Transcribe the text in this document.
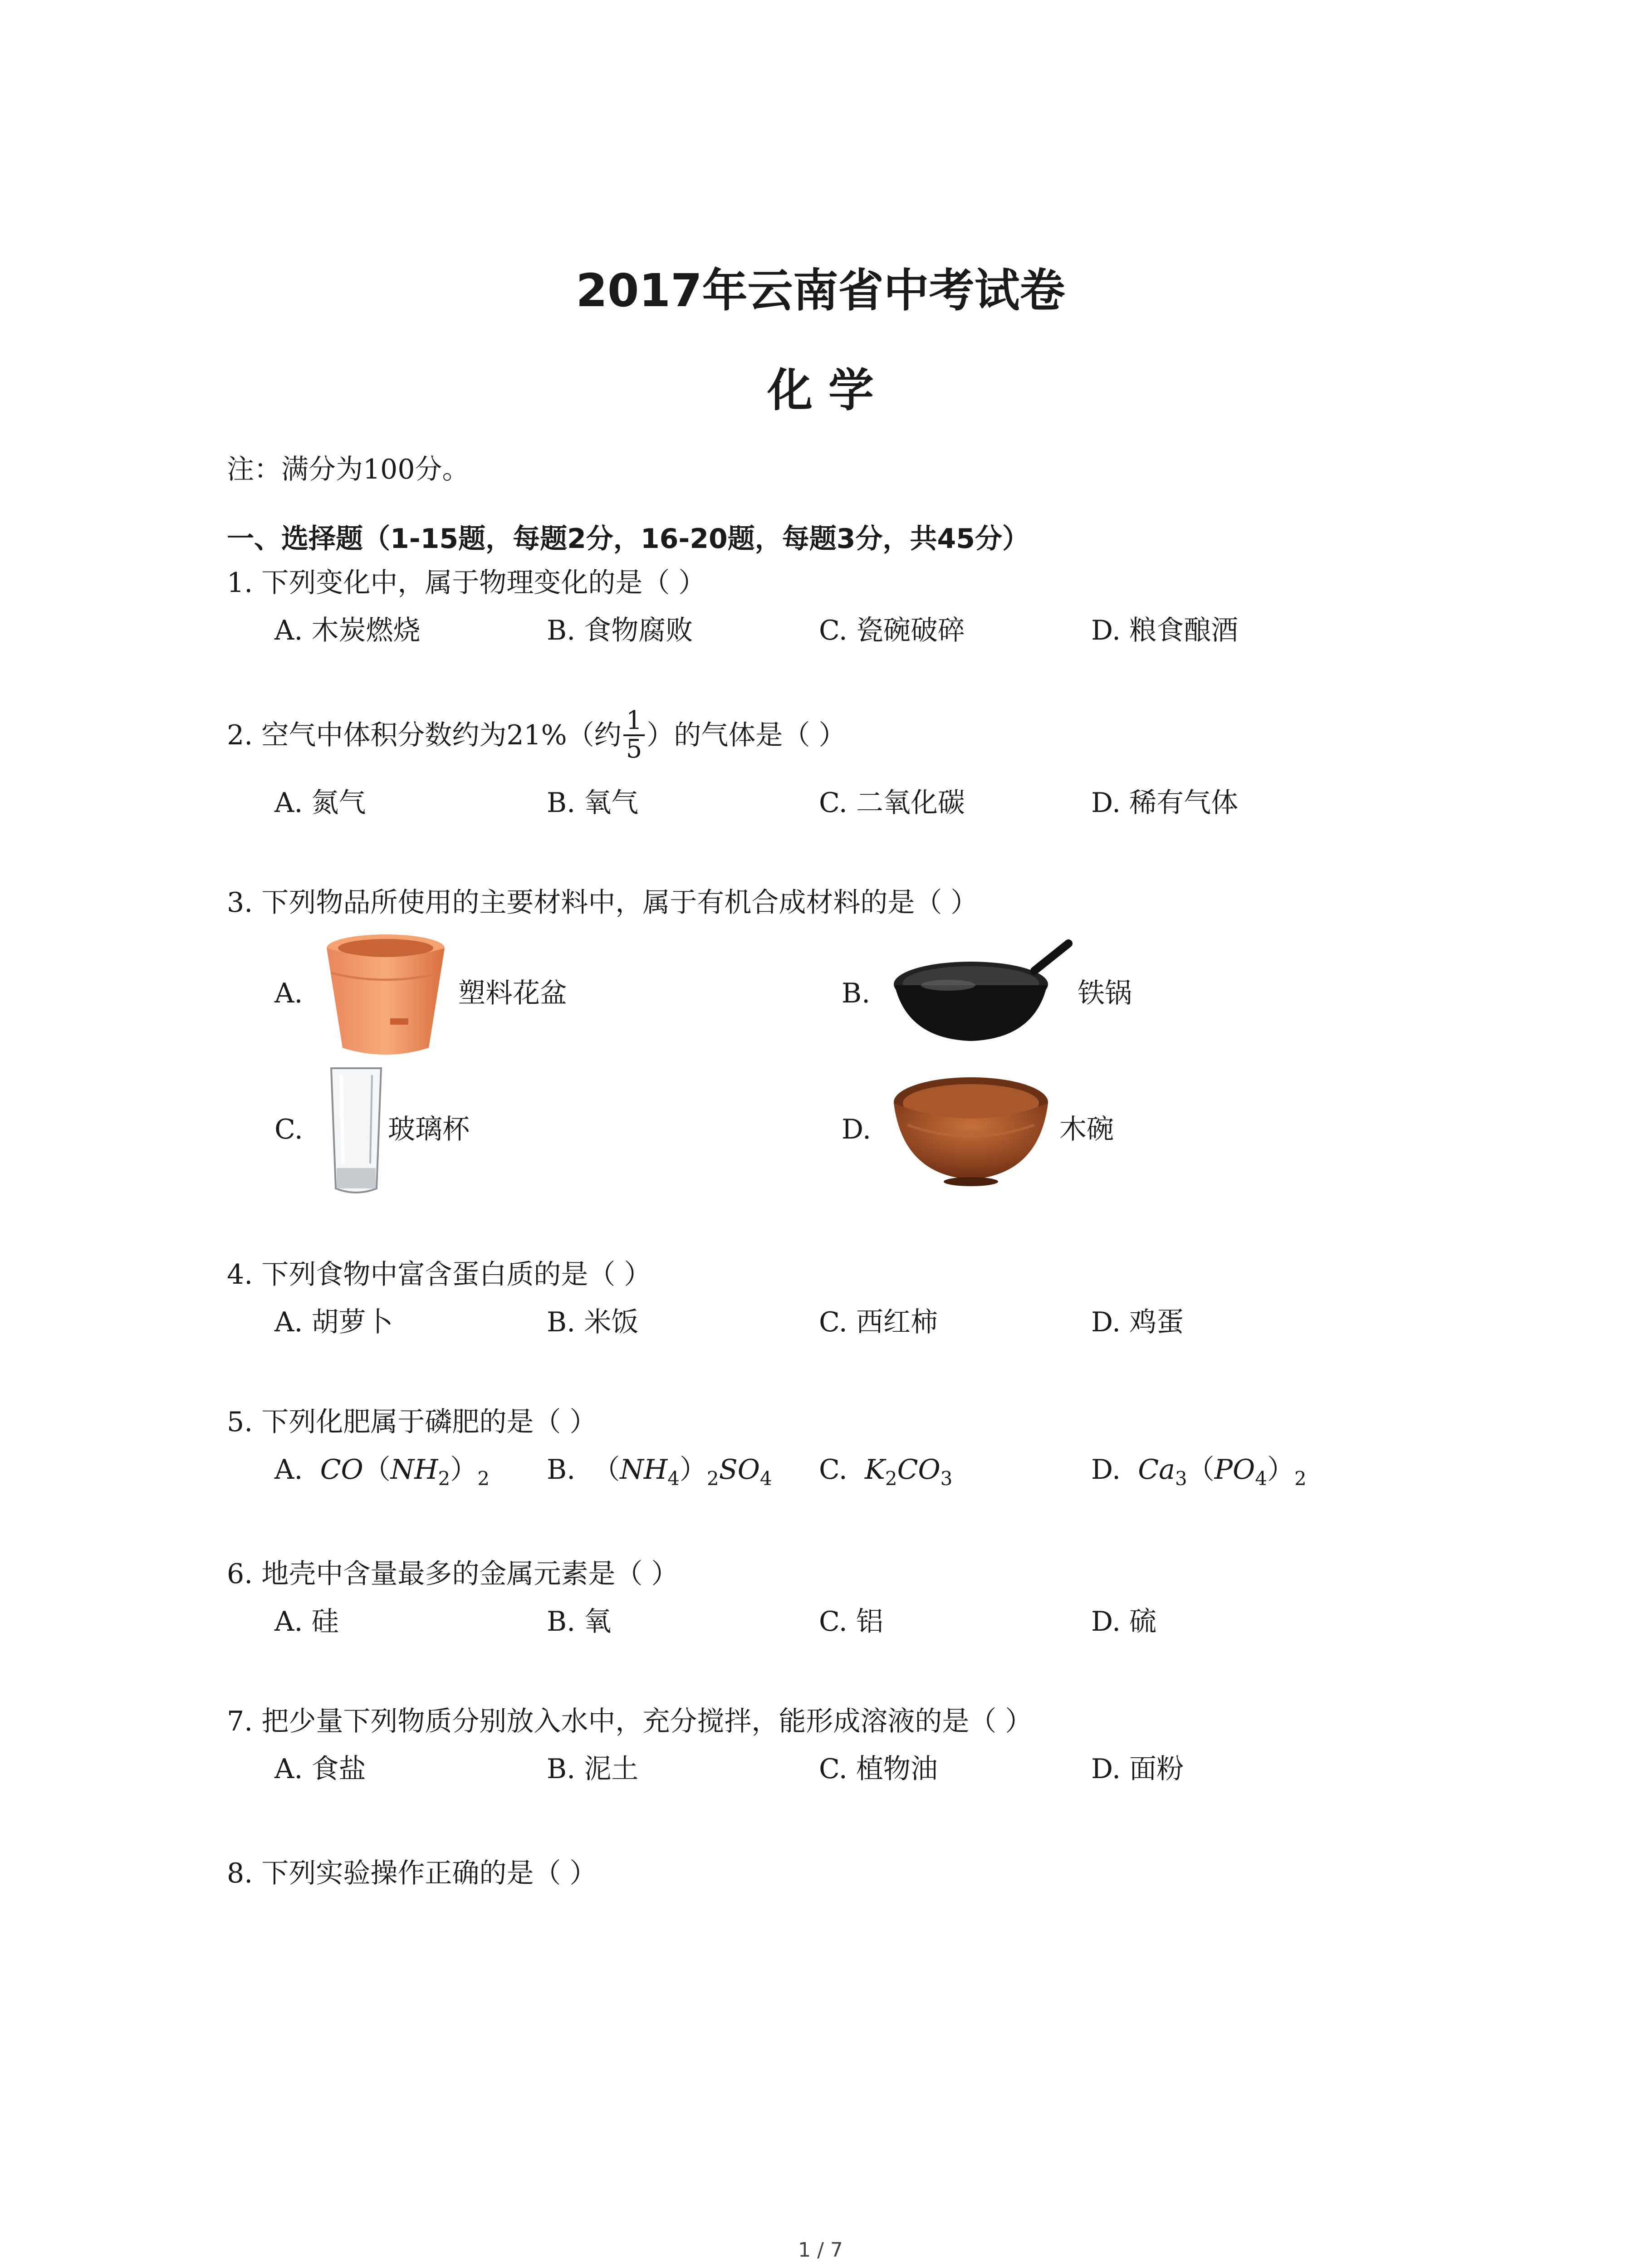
2017年云南省中考试卷
化 学
注：满分为100分。
一、选择题（1-15题，每题2分，16-20题，每题3分，共45分）
1. 下列变化中，属于物理变化的是（ ）
A. 木炭燃烧	B. 食物腐败	C. 瓷碗破碎	D. 粮食酿酒
2. 空气中体积分数约为21%（约 $\frac{1}{5}$ ）的气体是（ ）
A. 氮气	B. 氧气	C. 二氧化碳	D. 稀有气体
3. 下列物品所使用的主要材料中，属于有机合成材料的是（ ）
A.	塑料花盆	B.	铁锅
C.	玻璃杯	D.	木碗
4. 下列食物中富含蛋白质的是（ ）
A. 胡萝卜	B. 米饭	C. 西红柿	D. 鸡蛋
5. 下列化肥属于磷肥的是（ ）
A. $CO(NH_2)_2$ B.  $(NH_4)_2SO_4$ C. $K_2CO_3$	D. $Ca_3(PO_4)_2$
6. 地壳中含量最多的金属元素是（ ）
A. 硅	B. 氧	C. 铝	D. 硫
7. 把少量下列物质分别放入水中，充分搅拌，能形成溶液的是（ ）
A. 食盐	B. 泥土	C. 植物油	D. 面粉
8. 下列实验操作正确的是（ ）
1 / 7
